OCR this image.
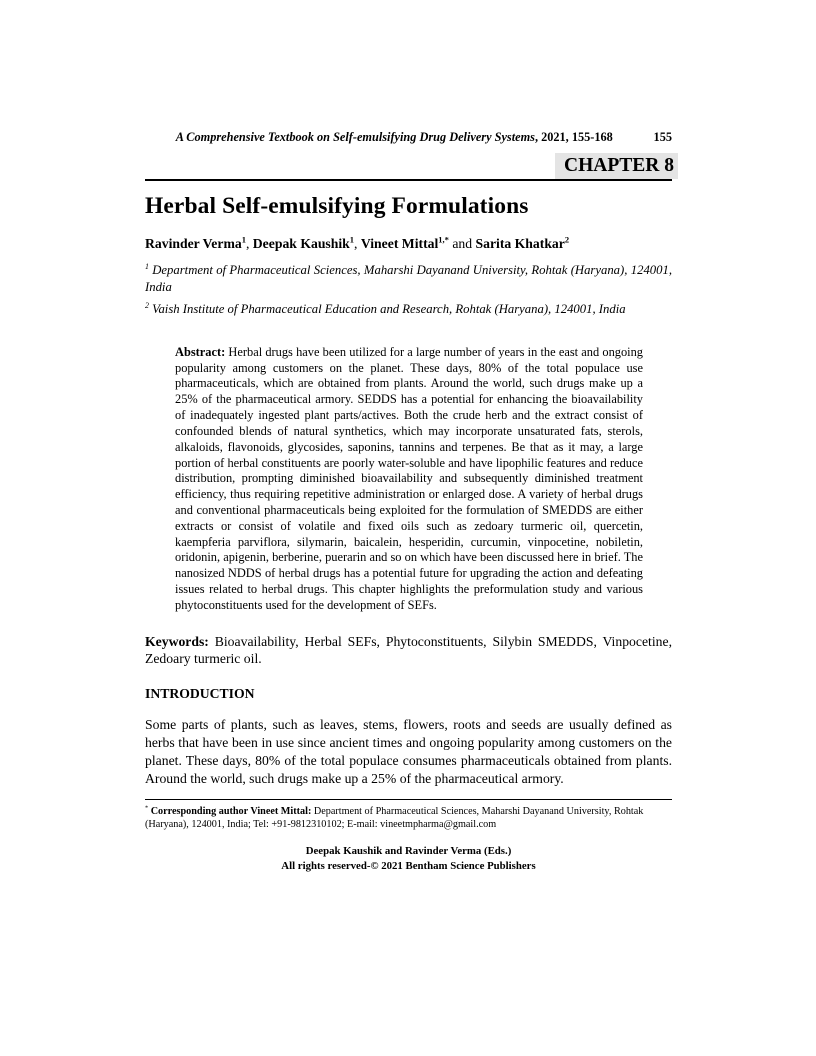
A Comprehensive Textbook on Self-emulsifying Drug Delivery Systems, 2021, 155-168	155
CHAPTER 8
Herbal Self-emulsifying Formulations
Ravinder Verma$^1$, Deepak Kaushik$^1$, Vineet Mittal$^{1,*}$ and Sarita Khatkar$^2$

$^1$ Department of Pharmaceutical Sciences, Maharshi Dayanand University, Rohtak (Haryana), 124001, India

$^2$ Vaish Institute of Pharmaceutical Education and Research, Rohtak (Haryana), 124001, India

Abstract: Herbal drugs have been utilized for a large number of years in the east and ongoing popularity among customers on the planet. These days, 80% of the total populace use pharmaceuticals, which are obtained from plants. Around the world, such drugs make up a 25% of the pharmaceutical armory. SEDDS has a potential for enhancing the bioavailability of inadequately ingested plant parts/actives. Both the crude herb and the extract consist of confounded blends of natural synthetics, which may incorporate unsaturated fats, sterols, alkaloids, flavonoids, glycosides, saponins, tannins and terpenes. Be that as it may, a large portion of herbal constituents are poorly water-soluble and have lipophilic features and reduce distribution, prompting diminished bioavailability and subsequently diminished treatment efficiency, thus requiring repetitive administration or enlarged dose. A variety of herbal drugs and conventional pharmaceuticals being exploited for the formulation of SMEDDS are either extracts or consist of volatile and fixed oils such as zedoary turmeric oil, quercetin, kaempferia parviflora, silymarin, baicalein, hesperidin, curcumin, vinpocetine, nobiletin, oridonin, apigenin, berberine, puerarin and so on which have been discussed here in brief. The nanosized NDDS of herbal drugs has a potential future for upgrading the action and defeating issues related to herbal drugs. This chapter highlights the preformulation study and various phytoconstituents used for the development of SEFs.

Keywords: Bioavailability, Herbal SEFs, Phytoconstituents, Silybin SMEDDS, Vinpocetine, Zedoary turmeric oil.

INTRODUCTION

Some parts of plants, such as leaves, stems, flowers, roots and seeds are usually defined as herbs that have been in use since ancient times and ongoing popularity among customers on the planet. These days, 80% of the total populace consumes pharmaceuticals obtained from plants. Around the world, such drugs make up a 25% of the pharmaceutical armory.

* Corresponding author Vineet Mittal: Department of Pharmaceutical Sciences, Maharshi Dayanand University, Rohtak (Haryana), 124001, India; Tel: +91-9812310102; E-mail: vineetmpharma@gmail.com

Deepak Kaushik and Ravinder Verma (Eds.)

All rights reserved-© 2021 Bentham Science Publishers
